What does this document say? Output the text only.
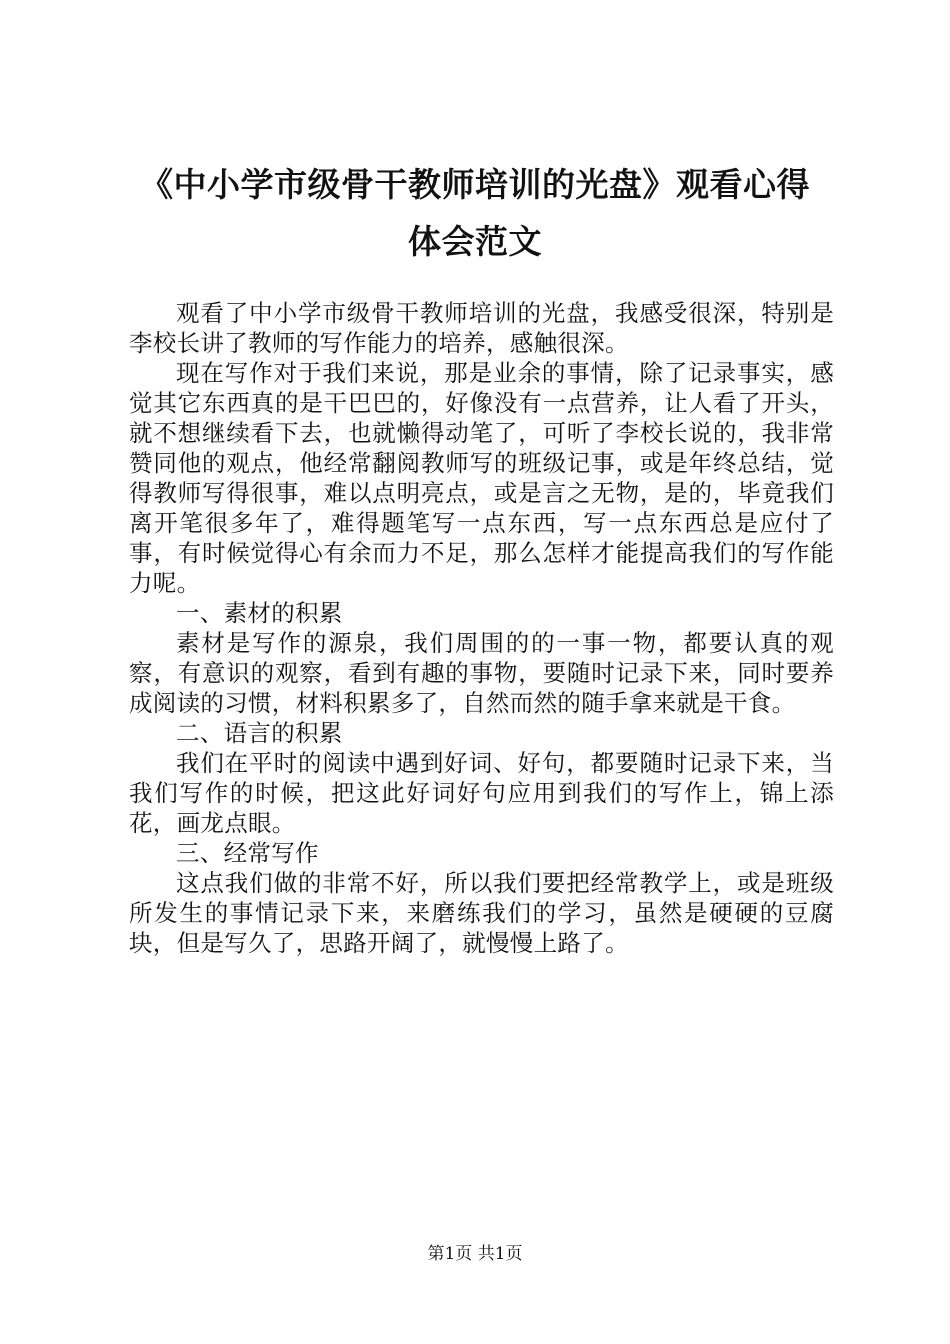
《中小学市级骨干教师培训的光盘》观看心得
体会范文

观看了中小学市级骨干教师培训的光盘，我感受很深，特别是李校长讲了教师的写作能力的培养，感触很深。

现在写作对于我们来说，那是业余的事情，除了记录事实，感觉其它东西真的是干巴巴的，好像没有一点营养，让人看了开头，就不想继续看下去，也就懒得动笔了，可听了李校长说的，我非常赞同他的观点，他经常翻阅教师写的班级记事，或是年终总结，觉得教师写得很事，难以点明亮点，或是言之无物，是的，毕竟我们离开笔很多年了，难得题笔写一点东西，写一点东西总是应付了事，有时候觉得心有余而力不足，那么怎样才能提高我们的写作能力呢。

一、素材的积累

素材是写作的源泉，我们周围的的一事一物，都要认真的观察，有意识的观察，看到有趣的事物，要随时记录下来，同时要养成阅读的习惯，材料积累多了，自然而然的随手拿来就是干食。

二、语言的积累

我们在平时的阅读中遇到好词、好句，都要随时记录下来，当我们写作的时候，把这此好词好句应用到我们的写作上，锦上添花，画龙点眼。

三、经常写作

这点我们做的非常不好，所以我们要把经常教学上，或是班级所发生的事情记录下来，来磨练我们的学习，虽然是硬硬的豆腐块，但是写久了，思路开阔了，就慢慢上路了。

第1页 共1页
